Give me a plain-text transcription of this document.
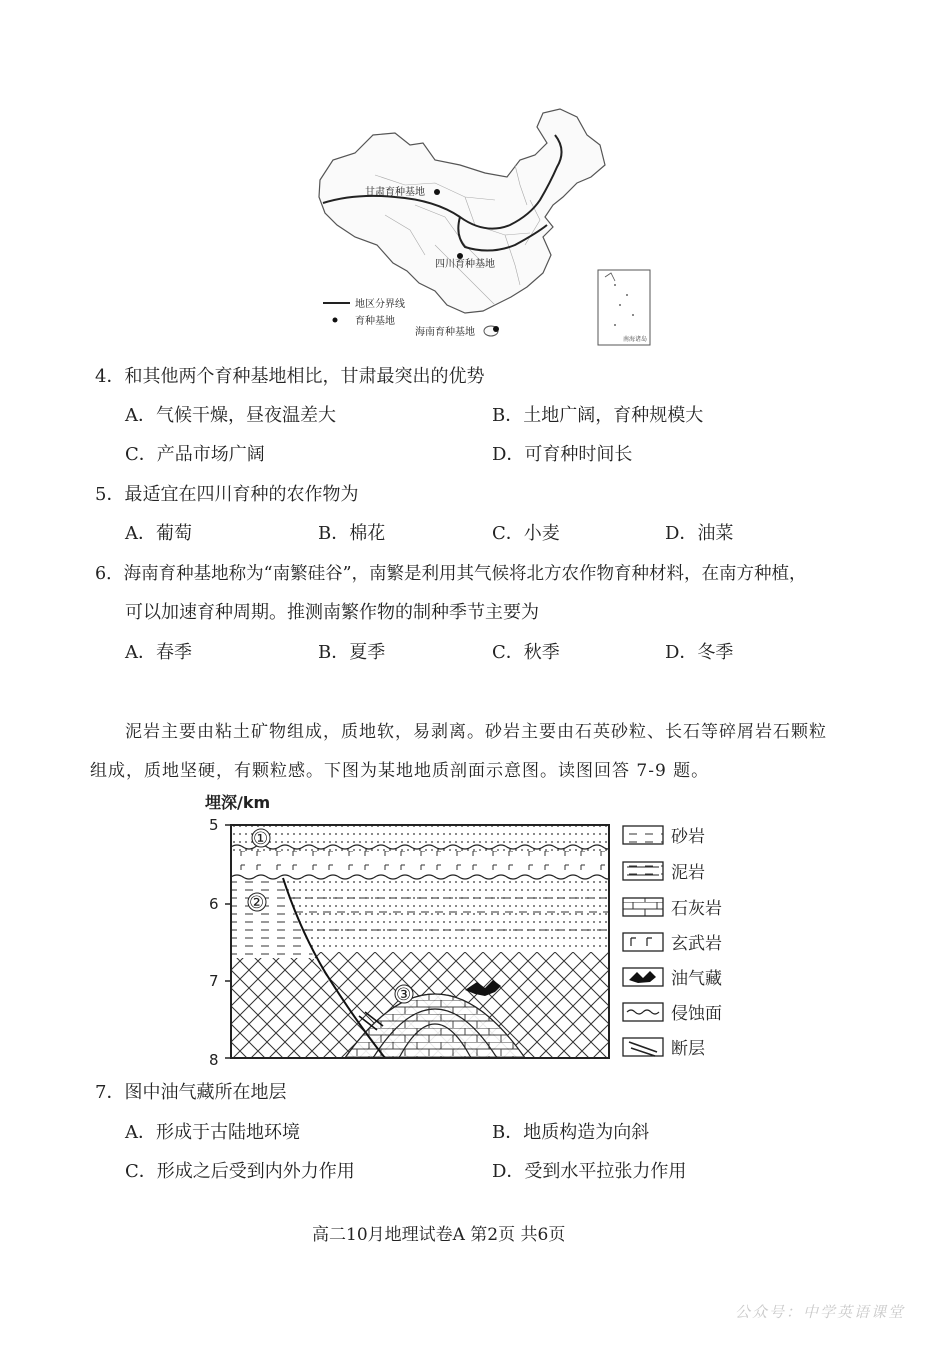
甘肃育种基地
四川育种基地
海南育种基地
地区分界线
育种基地
南海诸岛
4．和其他两个育种基地相比，甘肃最突出的优势
A．气候干燥，昼夜温差大	B．土地广阔，育种规模大
C．产品市场广阔	D．可育种时间长
5．最适宜在四川育种的农作物为
A．葡萄	B．棉花	C．小麦	D．油菜
6．海南育种基地称为“南繁硅谷”，南繁是利用其气候将北方农作物育种材料，在南方种植，
可以加速育种周期。推测南繁作物的制种季节主要为
A．春季	B．夏季	C．秋季	D．冬季
泥岩主要由粘土矿物组成，质地软，易剥离。砂岩主要由石英砂粒、长石等碎屑岩石颗粒
组成，质地坚硬，有颗粒感。下图为某地地质剖面示意图。读图回答 7-9 题。
埋深/km
5
6
7
8
①
②
③
砂岩
泥岩
石灰岩
玄武岩
油气藏
侵蚀面
断层
7．图中油气藏所在地层
A．形成于古陆地环境	B．地质构造为向斜
C．形成之后受到内外力作用	D．受到水平拉张力作用
高二10月地理试卷A 第2页 共6页
公众号：中学英语课堂
